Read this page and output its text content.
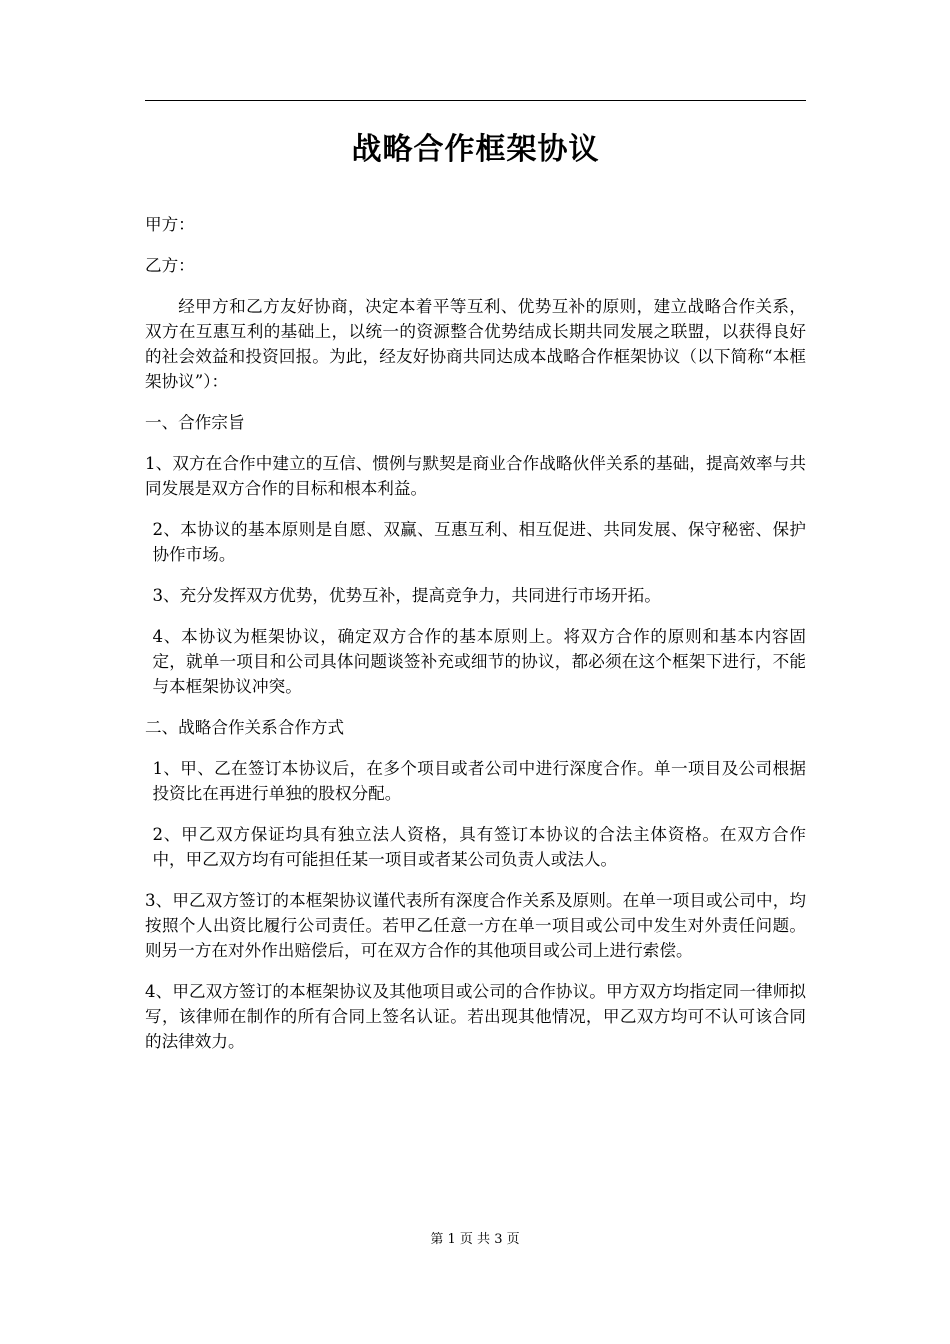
战略合作框架协议

甲方：

乙方：

经甲方和乙方友好协商，决定本着平等互利、优势互补的原则，建立战略合作关系，双方在互惠互利的基础上，以统一的资源整合优势结成长期共同发展之联盟，以获得良好的社会效益和投资回报。为此，经友好协商共同达成本战略合作框架协议（以下简称“本框架协议”）：

一、合作宗旨

1、双方在合作中建立的互信、惯例与默契是商业合作战略伙伴关系的基础，提高效率与共同发展是双方合作的目标和根本利益。

2、本协议的基本原则是自愿、双赢、互惠互利、相互促进、共同发展、保守秘密、保护协作市场。

3、充分发挥双方优势，优势互补，提高竞争力，共同进行市场开拓。

4、本协议为框架协议，确定双方合作的基本原则上。将双方合作的原则和基本内容固定，就单一项目和公司具体问题谈签补充或细节的协议，都必须在这个框架下进行，不能与本框架协议冲突。

二、战略合作关系合作方式

1、甲、乙在签订本协议后，在多个项目或者公司中进行深度合作。单一项目及公司根据投资比在再进行单独的股权分配。

2、甲乙双方保证均具有独立法人资格，具有签订本协议的合法主体资格。在双方合作中，甲乙双方均有可能担任某一项目或者某公司负责人或法人。

3、甲乙双方签订的本框架协议谨代表所有深度合作关系及原则。在单一项目或公司中，均按照个人出资比履行公司责任。若甲乙任意一方在单一项目或公司中发生对外责任问题。则另一方在对外作出赔偿后，可在双方合作的其他项目或公司上进行索偿。

4、甲乙双方签订的本框架协议及其他项目或公司的合作协议。甲方双方均指定同一律师拟写，该律师在制作的所有合同上签名认证。若出现其他情况，甲乙双方均可不认可该合同的法律效力。

第 1 页 共 3 页
